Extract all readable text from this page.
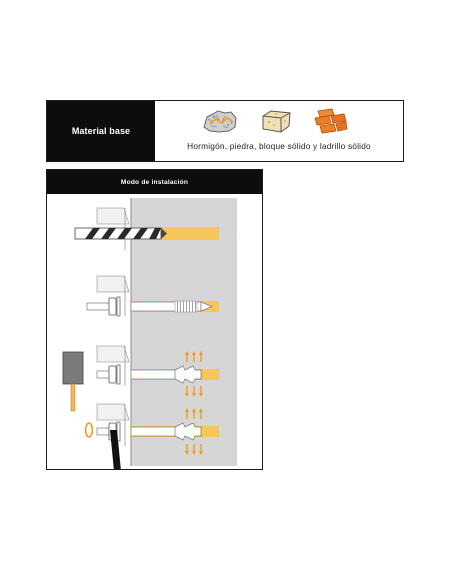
Material base
Hormigón, piedra, bloque sólido y ladrillo sólido
Modo de instalación
